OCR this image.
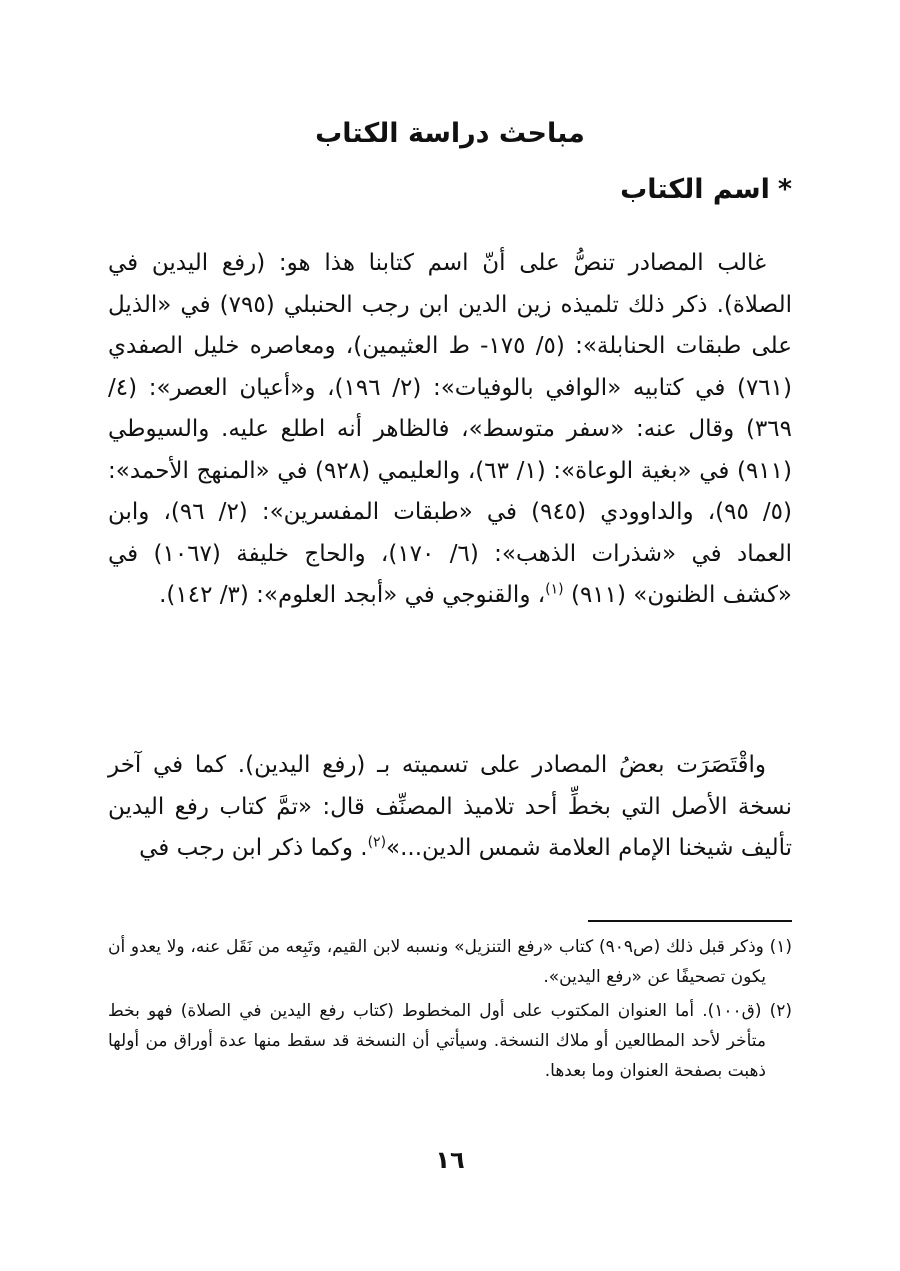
مباحث دراسة الكتاب
*اسم الكتاب

غالب المصادر تنصُّ على أنّ اسم كتابنا هذا هو: (رفع اليدين في الصلاة). ذكر ذلك تلميذه زين الدين ابن رجب الحنبلي (٧٩٥) في «الذيل على طبقات الحنابلة»: (٥/ ١٧٥- ط العثيمين)، ومعاصره خليل الصفدي (٧٦١) في كتابيه «الوافي بالوفيات»: (٢/ ١٩٦)، و«أعيان العصر»: (٤/ ٣٦٩) وقال عنه: «سفر متوسط»، فالظاهر أنه اطلع عليه. والسيوطي (٩١١) في «بغية الوعاة»: (١/ ٦٣)، والعليمي (٩٢٨) في «المنهج الأحمد»: (٥/ ٩٥)، والداوودي (٩٤٥) في «طبقات المفسرين»: (٢/ ٩٦)، وابن العماد في «شذرات الذهب»: (٦/ ١٧٠)، والحاج خليفة (١٠٦٧) في «كشف الظنون» (٩١١) $^{(١)}$، والقنوجي في «أبجد العلوم»: (٣/ ١٤٢).

واقْتَصَرَت بعضُ المصادر على تسميته بـ (رفع اليدين). كما في آخر نسخة الأصل التي بخطِّ أحد تلاميذ المصنِّف قال: «تمَّ كتاب رفع اليدين تأليف شيخنا الإمام العلامة شمس الدين...»$^{(٢)}$. وكما ذكر ابن رجب في

(١) وذكر قبل ذلك (ص٩٠٩) كتاب «رفع التنزيل» ونسبه لابن القيم، وتَبِعه من نَقَل عنه، ولا يعدو أن يكون تصحيفًا عن «رفع اليدين».

(٢) (ق١٠٠). أما العنوان المكتوب على أول المخطوط (كتاب رفع اليدين في الصلاة) فهو بخط متأخر لأحد المطالعين أو ملاك النسخة. وسيأتي أن النسخة قد سقط منها عدة أوراق من أولها ذهبت بصفحة العنوان وما بعدها.

١٦
